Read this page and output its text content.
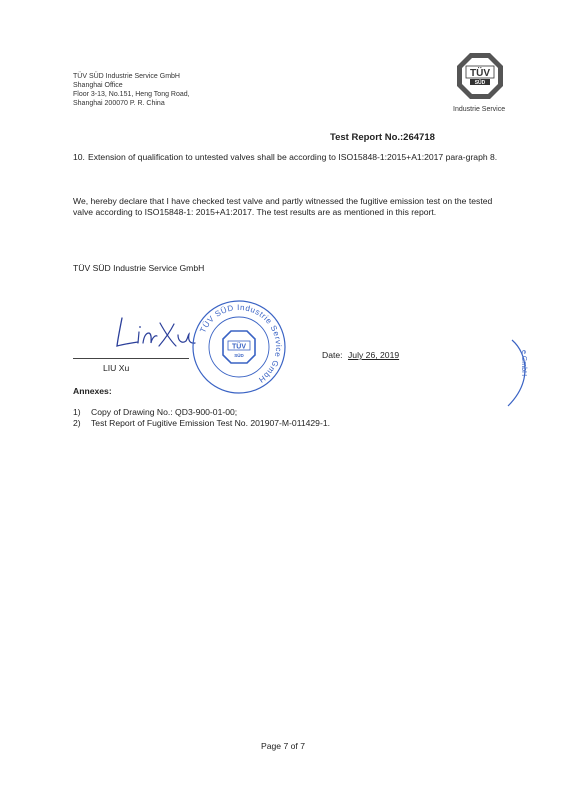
TÜV SÜD Industrie Service GmbH
Shanghai Office
Floor 3-13, No.151, Heng Tong Road,
Shanghai 200070 P. R. China
TÜV
SÜD
Industrie Service
Test Report No.:264718
10. Extension of qualification to untested valves shall be according to ISO15848-1:2015+A1:2017 para-graph 8.
We, hereby declare that I have checked test valve and partly witnessed the fugitive emission test on the tested valve according to ISO15848-1: 2015+A1:2017. The test results are as mentioned in this report.
TÜV SÜD Industrie Service GmbH
TÜV SÜD Industrie Service GmbH
TÜV
SÜD
LIU Xu
Date: July 26, 2019	e GmbH
Annexes:
1) Copy of Drawing No.: QD3-900-01-00;
2) Test Report of Fugitive Emission Test No. 201907-M-011429-1.
Page 7 of 7
